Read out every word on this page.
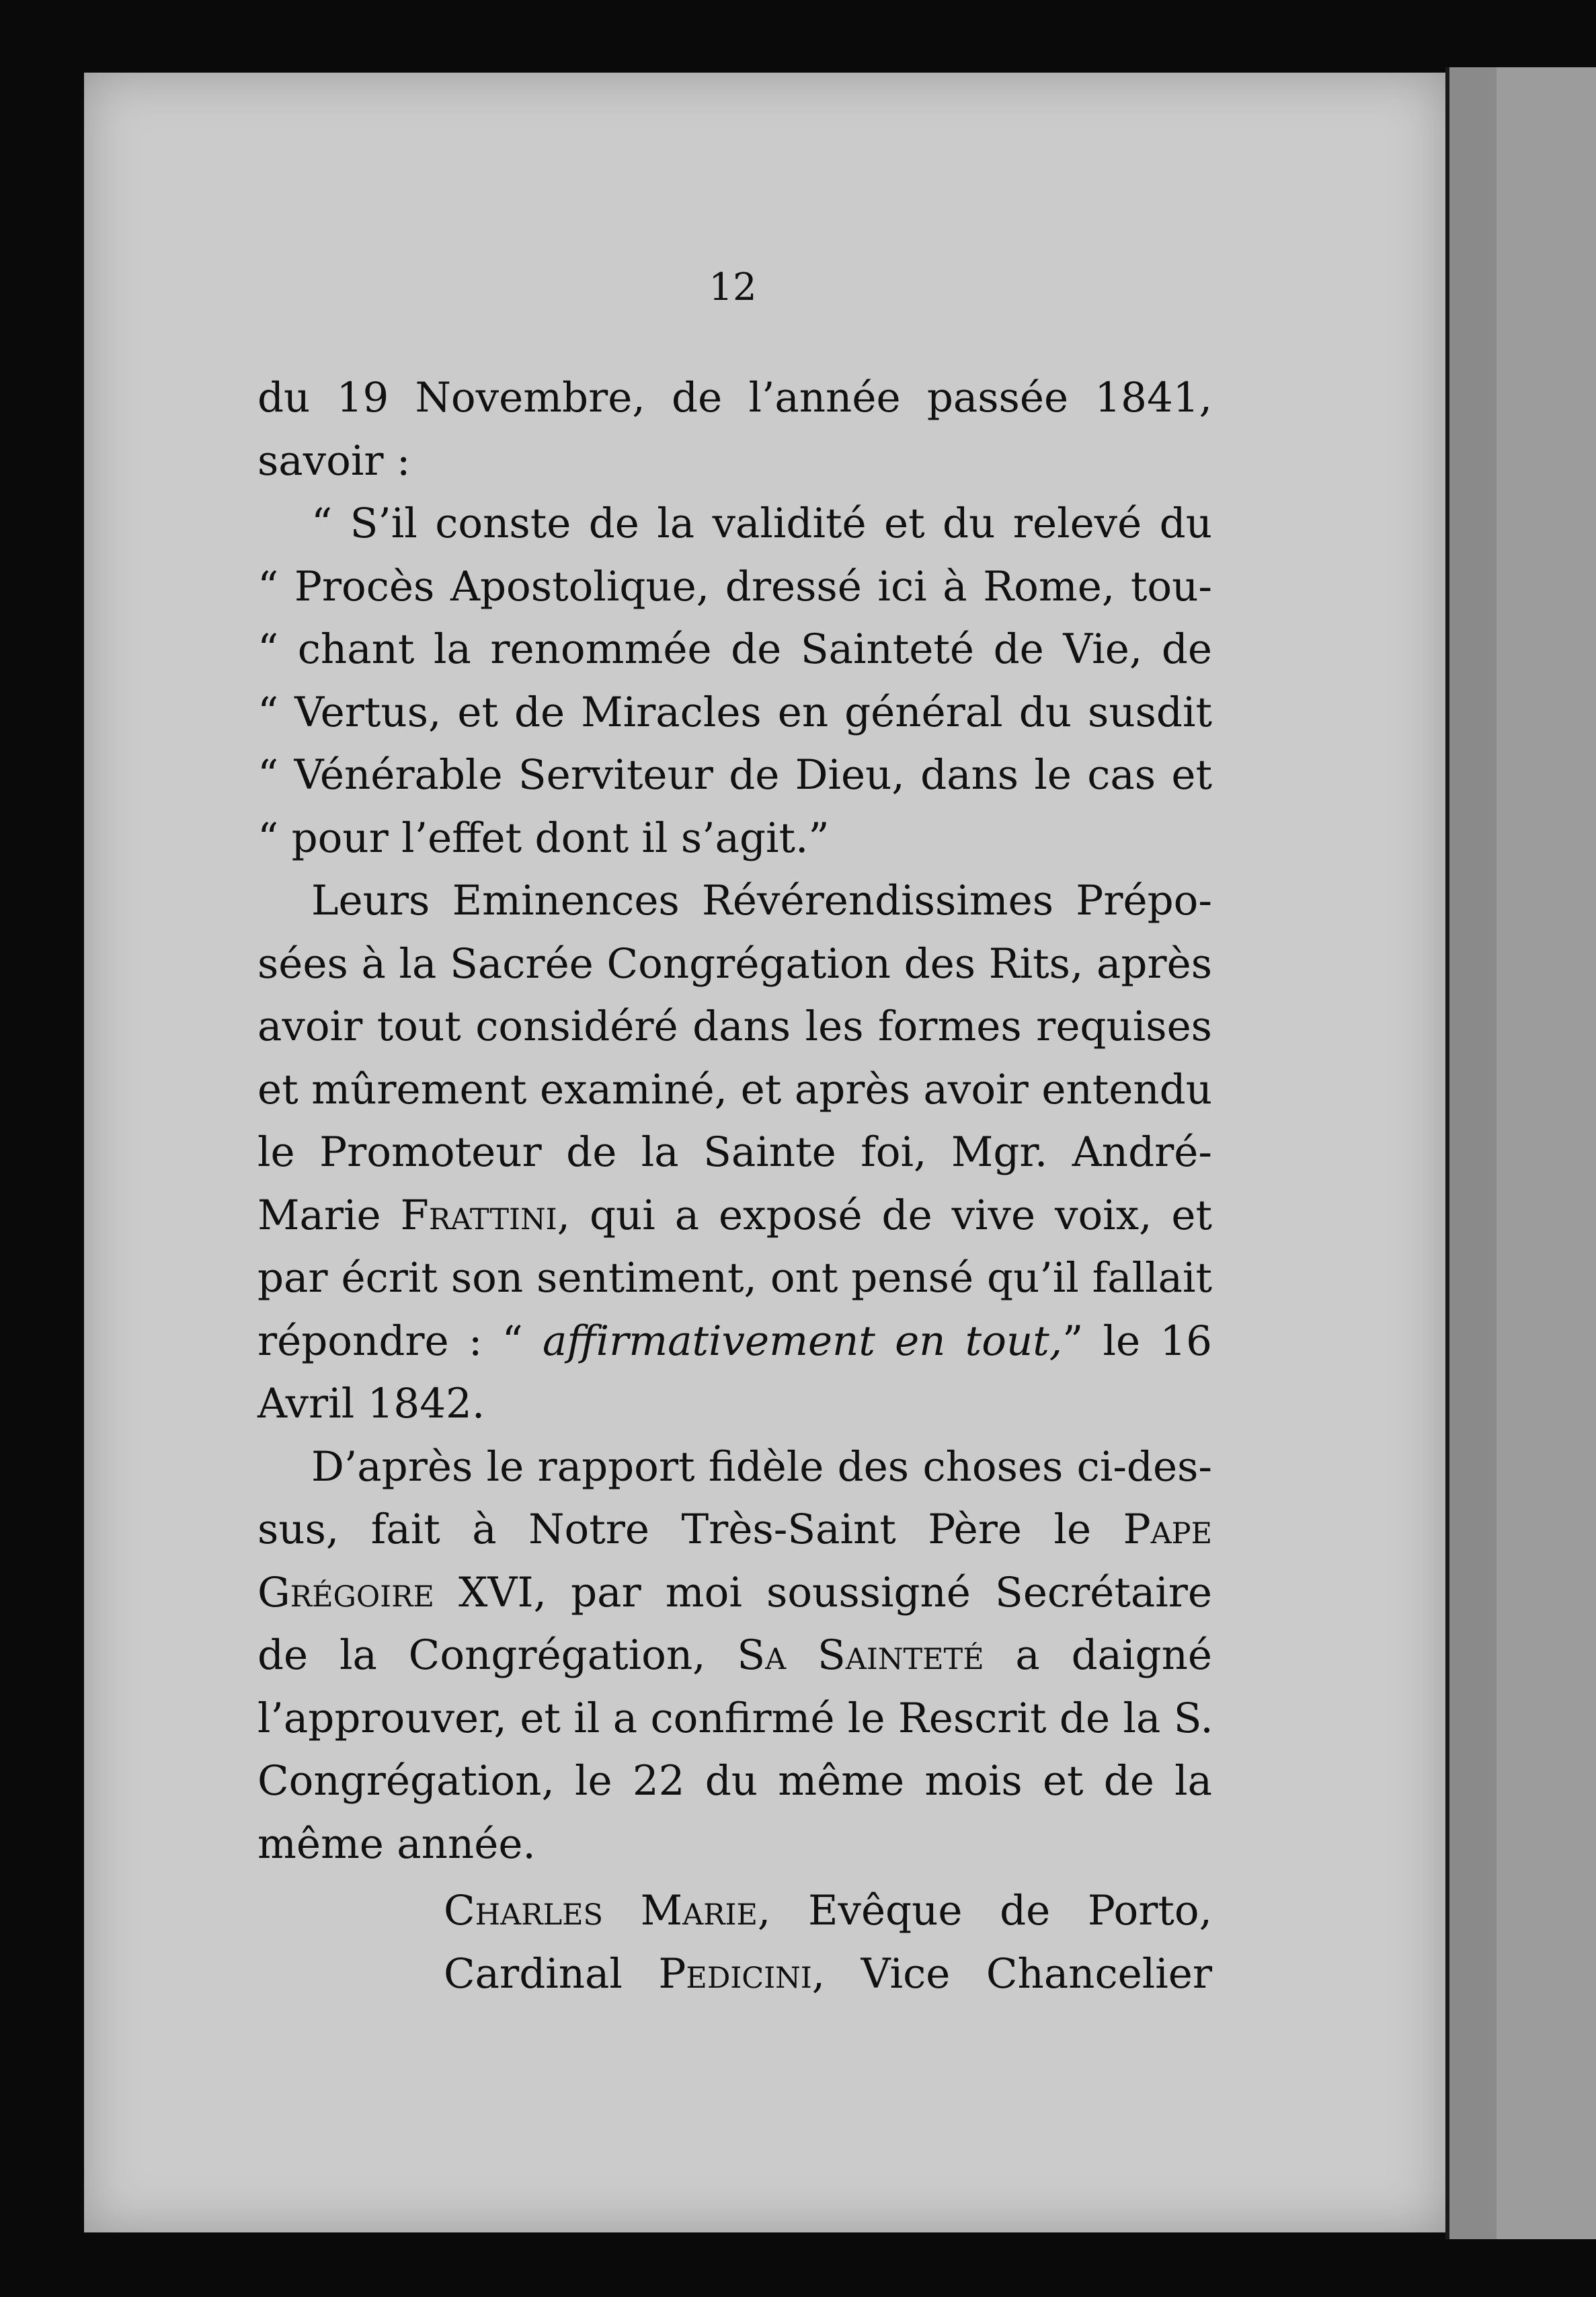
12
du 19 Novembre, de l’année passée 1841,
savoir :
“ S’il conste de la validité et du relevé du
“ Procès Apostolique, dressé ici à Rome, tou-
“ chant la renommée de Sainteté de Vie, de
“ Vertus, et de Miracles en général du susdit
“ Vénérable Serviteur de Dieu, dans le cas et
“ pour l’effet dont il s’agit.”
Leurs Eminences Révérendissimes Prépo-
sées à la Sacrée Congrégation des Rits, après
avoir tout considéré dans les formes requises
et mûrement examiné, et après avoir entendu
le Promoteur de la Sainte foi, Mgr. André-
Marie Frattini, qui a exposé de vive voix, et
par écrit son sentiment, ont pensé qu’il fallait
répondre : “ affirmativement en tout,” le 16
Avril 1842.
D’après le rapport fidèle des choses ci-des-
sus, fait à Notre Très-Saint Père le Pape
Grégoire XVI, par moi soussigné Secrétaire
de la Congrégation, Sa Sainteté a daigné
l’approuver, et il a confirmé le Rescrit de la S.
Congrégation, le 22 du même mois et de la
même année.
Charles Marie, Evêque de Porto,
Cardinal Pedicini, Vice Chancelier
